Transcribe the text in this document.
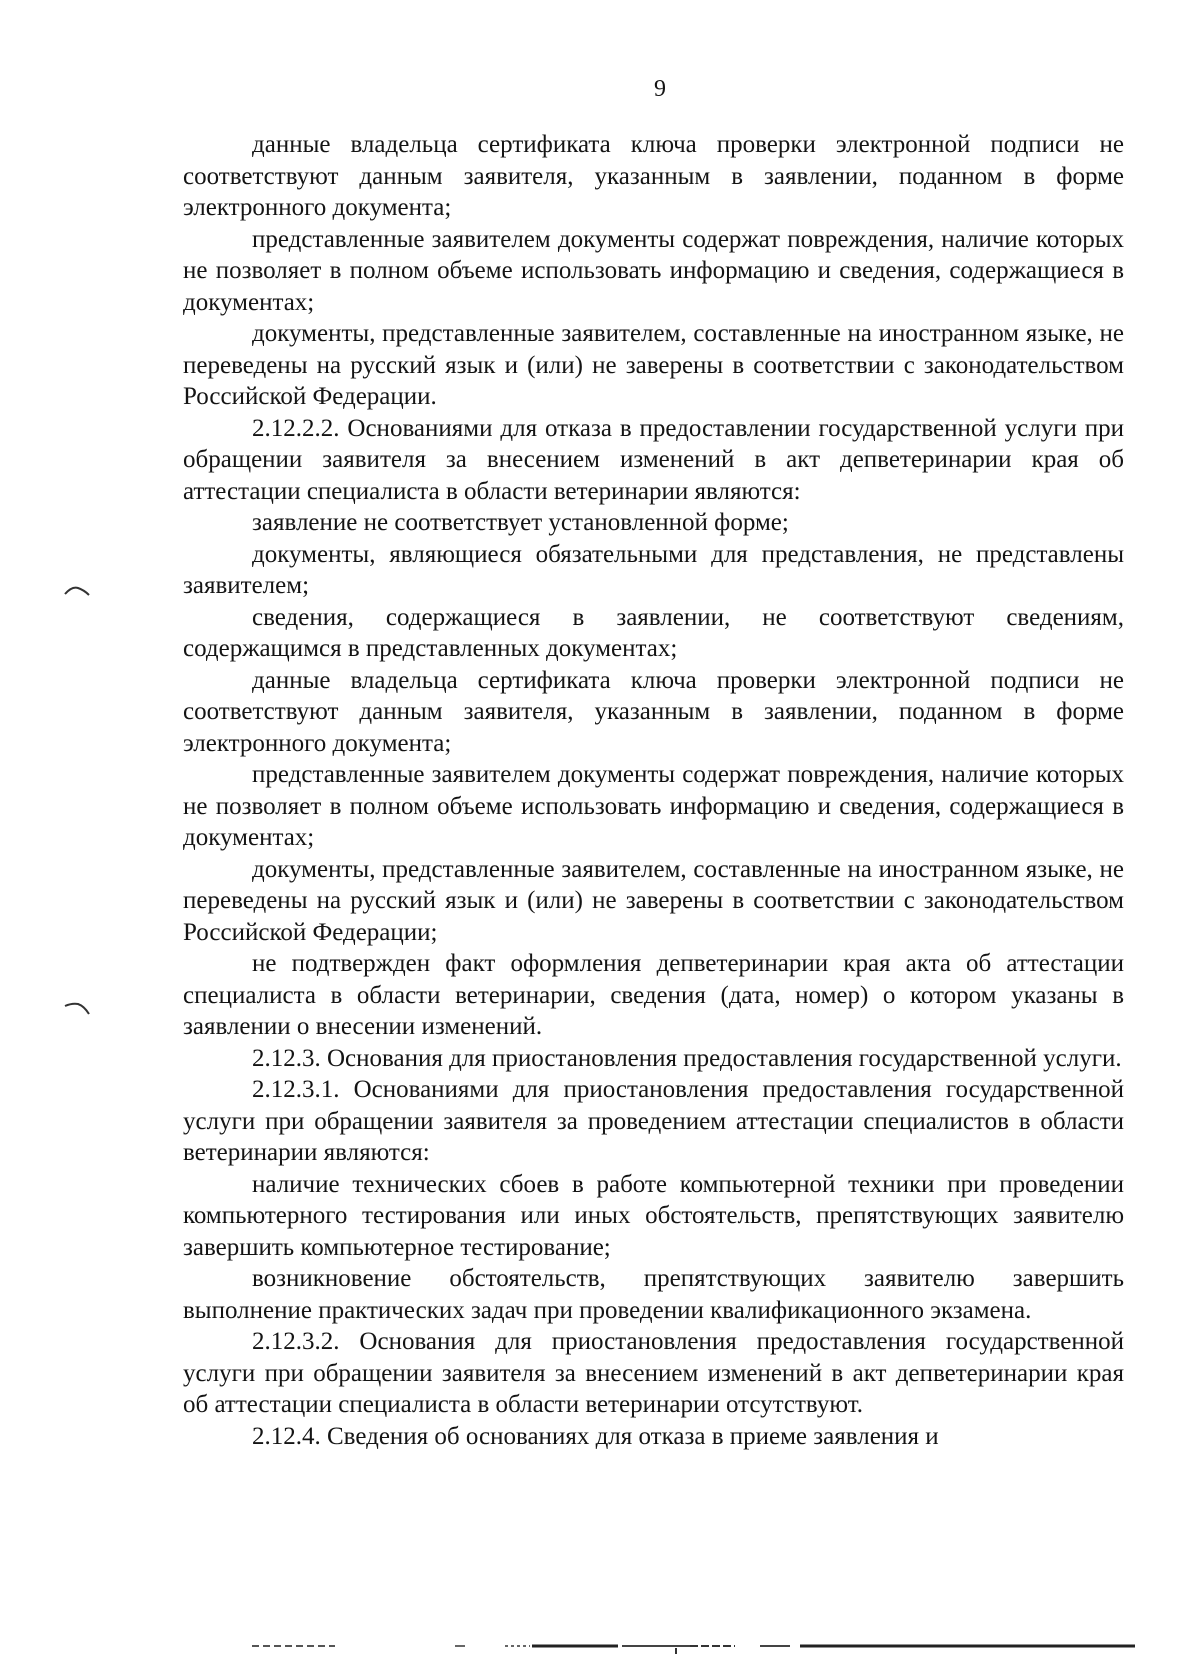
9

данные владельца сертификата ключа проверки электронной подписи не соответствуют данным заявителя, указанным в заявлении, поданном в форме электронного документа;

представленные заявителем документы содержат повреждения, наличие которых не позволяет в полном объеме использовать информацию и сведения, содержащиеся в документах;

документы, представленные заявителем, составленные на иностранном языке, не переведены на русский язык и (или) не заверены в соответствии с законодательством Российской Федерации.

2.12.2.2. Основаниями для отказа в предоставлении государственной услуги при обращении заявителя за внесением изменений в акт депветеринарии края об аттестации специалиста в области ветеринарии являются:

заявление не соответствует установленной форме;

документы, являющиеся обязательными для представления, не представлены заявителем;

сведения, содержащиеся в заявлении, не соответствуют сведениям, содержащимся в представленных документах;

данные владельца сертификата ключа проверки электронной подписи не соответствуют данным заявителя, указанным в заявлении, поданном в форме электронного документа;

представленные заявителем документы содержат повреждения, наличие которых не позволяет в полном объеме использовать информацию и сведения, содержащиеся в документах;

документы, представленные заявителем, составленные на иностранном языке, не переведены на русский язык и (или) не заверены в соответствии с законодательством Российской Федерации;

не подтвержден факт оформления депветеринарии края акта об аттестации специалиста в области ветеринарии, сведения (дата, номер) о котором указаны в заявлении о внесении изменений.

2.12.3. Основания для приостановления предоставления государственной услуги.

2.12.3.1. Основаниями для приостановления предоставления государственной услуги при обращении заявителя за проведением аттестации специалистов в области ветеринарии являются:

наличие технических сбоев в работе компьютерной техники при проведении компьютерного тестирования или иных обстоятельств, препятствующих заявителю завершить компьютерное тестирование;

возникновение обстоятельств, препятствующих заявителю завершить выполнение практических задач при проведении квалификационного экзамена.

2.12.3.2. Основания для приостановления предоставления государственной услуги при обращении заявителя за внесением изменений в акт депветеринарии края об аттестации специалиста в области ветеринарии отсутствуют.

2.12.4. Сведения об основаниях для отказа в приеме заявления и
